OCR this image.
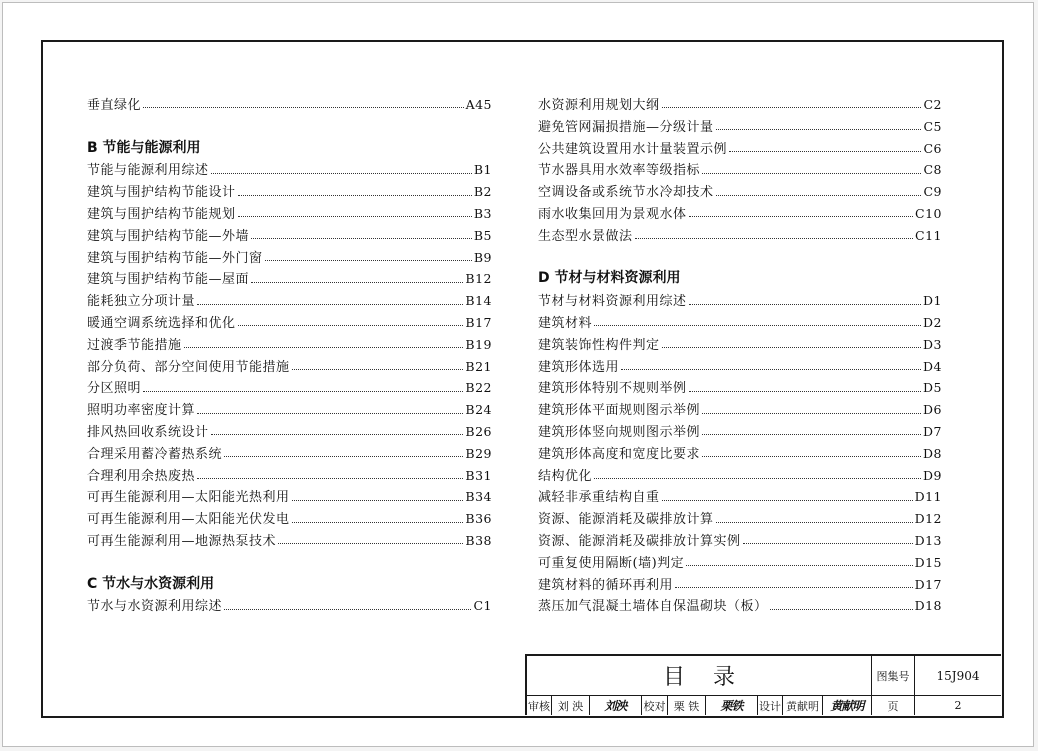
垂直绿化	A45
B 节能与能源利用
节能与能源利用综述	B1
建筑与围护结构节能设计	B2
建筑与围护结构节能规划	B3
建筑与围护结构节能—外墙	B5
建筑与围护结构节能—外门窗	B9
建筑与围护结构节能—屋面	B12
能耗独立分项计量	B14
暖通空调系统选择和优化	B17
过渡季节能措施	B19
部分负荷、部分空间使用节能措施	B21
分区照明	B22
照明功率密度计算	B24
排风热回收系统设计	B26
合理采用蓄冷蓄热系统	B29
合理利用余热废热	B31
可再生能源利用—太阳能光热利用	B34
可再生能源利用—太阳能光伏发电	B36
可再生能源利用—地源热泵技术	B38
C 节水与水资源利用
节水与水资源利用综述	C1
水资源利用规划大纲	C2
避免管网漏损措施—分级计量	C5
公共建筑设置用水计量装置示例	C6
节水器具用水效率等级指标	C8
空调设备或系统节水冷却技术	C9
雨水收集回用为景观水体	C10
生态型水景做法	C11
D 节材与材料资源利用
节材与材料资源利用综述	D1
建筑材料	D2
建筑装饰性构件判定	D3
建筑形体选用	D4
建筑形体特别不规则举例	D5
建筑形体平面规则图示举例	D6
建筑形体竖向规则图示举例	D7
建筑形体高度和宽度比要求	D8
结构优化	D9
减轻非承重结构自重	D11
资源、能源消耗及碳排放计算	D12
资源、能源消耗及碳排放计算实例	D13
可重复使用隔断(墙)判定	D15
建筑材料的循环再利用	D17
蒸压加气混凝土墙体自保温砌块（板）	D18
目录	图集号	15J904
审核 刘 泱	刘泱	校对 栗 铁	栗铁	设计 黄献明 黄献明	页	2
